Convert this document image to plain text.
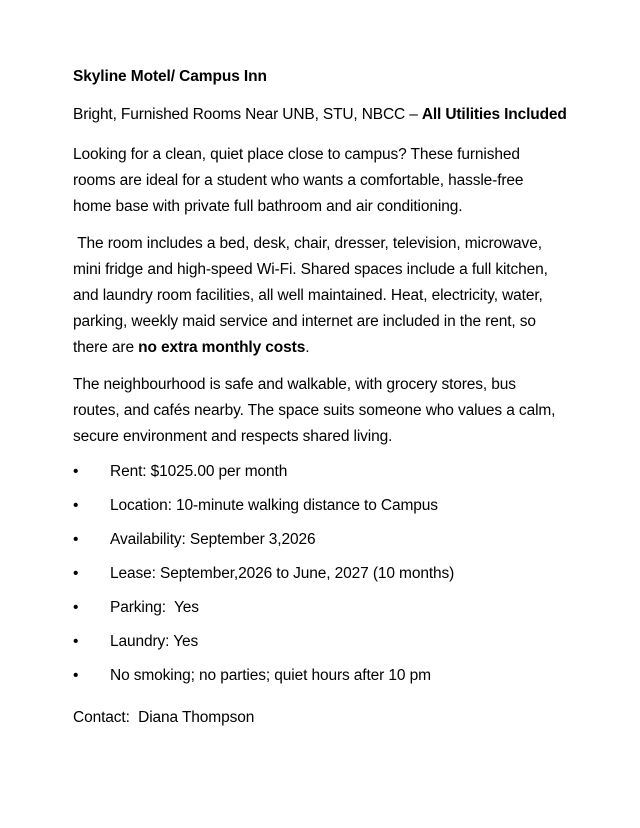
Skyline Motel/ Campus Inn

Bright, Furnished Rooms Near UNB, STU, NBCC – All Utilities Included

Looking for a clean, quiet place close to campus? These furnished rooms are ideal for a student who wants a comfortable, hassle-free home base with private full bathroom and air conditioning.

The room includes a bed, desk, chair, dresser, television, microwave, mini fridge and high-speed Wi-Fi. Shared spaces include a full kitchen, and laundry room facilities, all well maintained. Heat, electricity, water, parking, weekly maid service and internet are included in the rent, so there are no extra monthly costs.

The neighbourhood is safe and walkable, with grocery stores, bus routes, and cafés nearby. The space suits someone who values a calm, secure environment and respects shared living.

•	Rent: $1025.00 per month
•	Location: 10-minute walking distance to Campus
•	Availability: September 3,2026
•	Lease: September,2026 to June, 2027 (10 months)
•	Parking:  Yes
•	Laundry: Yes
•	No smoking; no parties; quiet hours after 10 pm

Contact:  Diana Thompson
